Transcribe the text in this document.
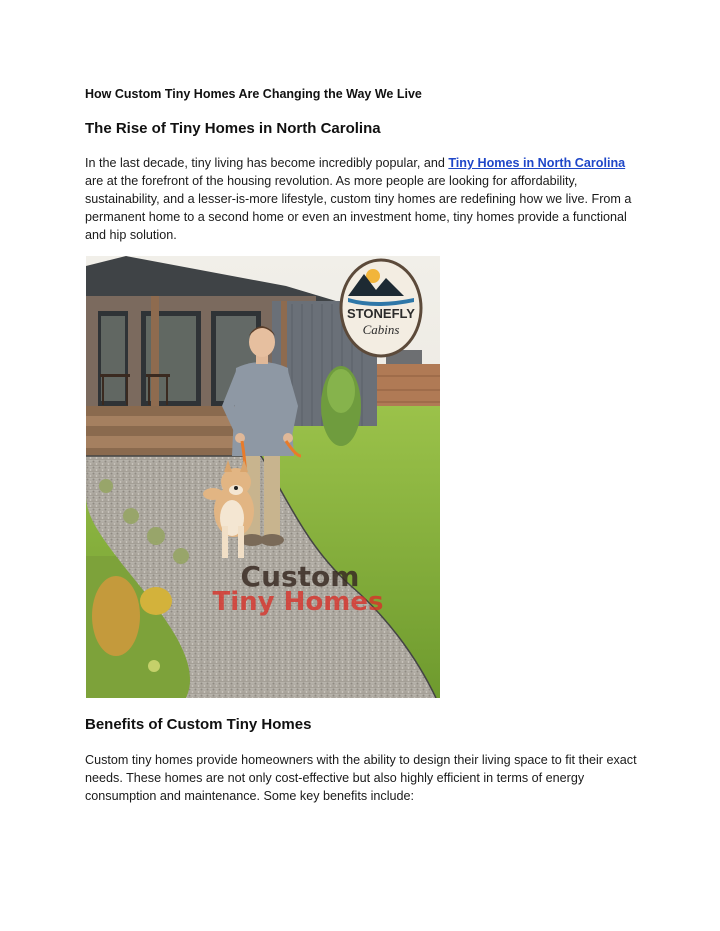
How Custom Tiny Homes Are Changing the Way We Live
The Rise of Tiny Homes in North Carolina
In the last decade, tiny living has become incredibly popular, and Tiny Homes in North Carolina are at the forefront of the housing revolution. As more people are looking for affordability, sustainability, and a lesser-is-more lifestyle, custom tiny homes are redefining how we live. From a permanent home to a second home or even an investment home, tiny homes provide a functional and hip solution.
Benefits of Custom Tiny Homes
Custom tiny homes provide homeowners with the ability to design their living space to fit their exact needs. These homes are not only cost-effective but also highly efficient in terms of energy consumption and maintenance. Some key benefits include:
STONEFLY
Cabins
Custom
Tiny Homes
